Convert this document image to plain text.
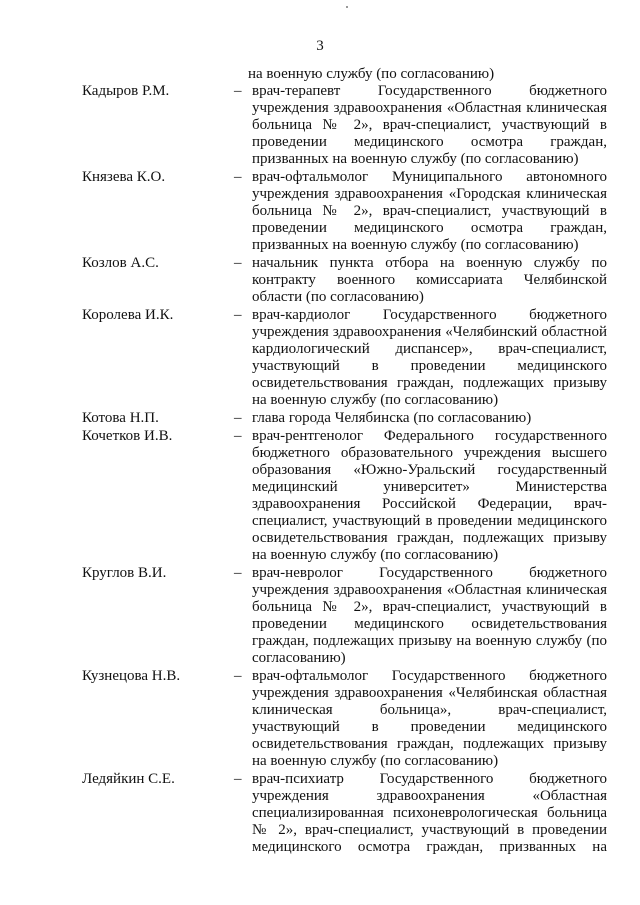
3
на военную службу (по согласованию)
Кадыров Р.М.	– врач-терапевт Государственного бюджетного учреждения здравоохранения «Областная клиническая больница № 2», врач-специалист, участвующий в проведении медицинского осмотра граждан, призванных на военную службу (по согласованию)
Князева К.О.	– врач-офтальмолог Муниципального автономного учреждения здравоохранения «Городская клиническая больница № 2», врач-специалист, участвующий в проведении медицинского осмотра граждан, призванных на военную службу (по согласованию)
Козлов А.С.	– начальник пункта отбора на военную службу по контракту военного комиссариата Челябинской области (по согласованию)
Королева И.К.	– врач-кардиолог Государственного бюджетного учреждения здравоохранения «Челябинский областной кардиологический диспансер», врач-специалист, участвующий в проведении медицинского освидетельствования граждан, подлежащих призыву на военную службу (по согласованию)
Котова Н.П.	– глава города Челябинска (по согласованию)
Кочетков И.В.	– врач-рентгенолог Федерального государственного бюджетного образовательного учреждения высшего образования «Южно-Уральский государственный медицинский университет» Министерства здравоохранения Российской Федерации, врач-специалист, участвующий в проведении медицинского освидетельствования граждан, подлежащих призыву на военную службу (по согласованию)
Круглов В.И.	– врач-невролог Государственного бюджетного учреждения здравоохранения «Областная клиническая больница № 2», врач-специалист, участвующий в проведении медицинского освидетельствования граждан, подлежащих призыву на военную службу (по согласованию)
Кузнецова Н.В.	– врач-офтальмолог Государственного бюджетного учреждения здравоохранения «Челябинская областная клиническая больница», врач-специалист, участвующий в проведении медицинского освидетельствования граждан, подлежащих призыву на военную службу (по согласованию)
Ледяйкин С.Е.	– врач-психиатр Государственного бюджетного учреждения здравоохранения «Областная специализированная психоневрологическая больница № 2», врач-специалист, участвующий в проведении медицинского осмотра граждан, призванных на
